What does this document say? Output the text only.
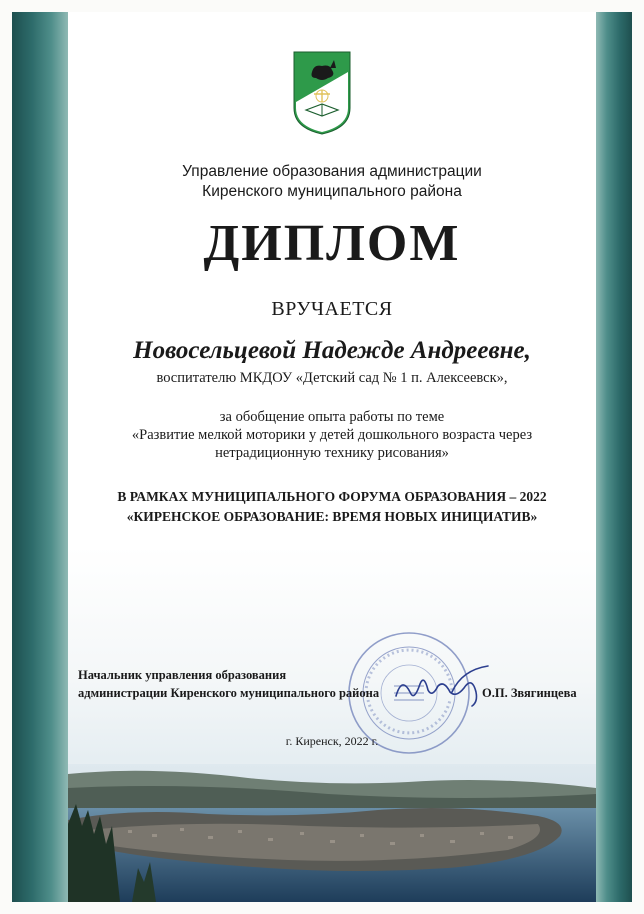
Управление образования администрации
Киренского муниципального района
ДИПЛОМ
ВРУЧАЕТСЯ
Новосельцевой Надежде Андреевне,
воспитателю МКДОУ «Детский сад № 1 п. Алексеевск»,
за обобщение опыта работы по теме
«Развитие мелкой моторики у детей дошкольного возраста через
нетрадиционную технику рисования»
В РАМКАХ МУНИЦИПАЛЬНОГО ФОРУМА ОБРАЗОВАНИЯ – 2022
«КИРЕНСКОЕ ОБРАЗОВАНИЕ: ВРЕМЯ НОВЫХ ИНИЦИАТИВ»
Начальник управления образования
администрации Киренского муниципального района	О.П. Звягинцева
г. Киренск, 2022 г.
